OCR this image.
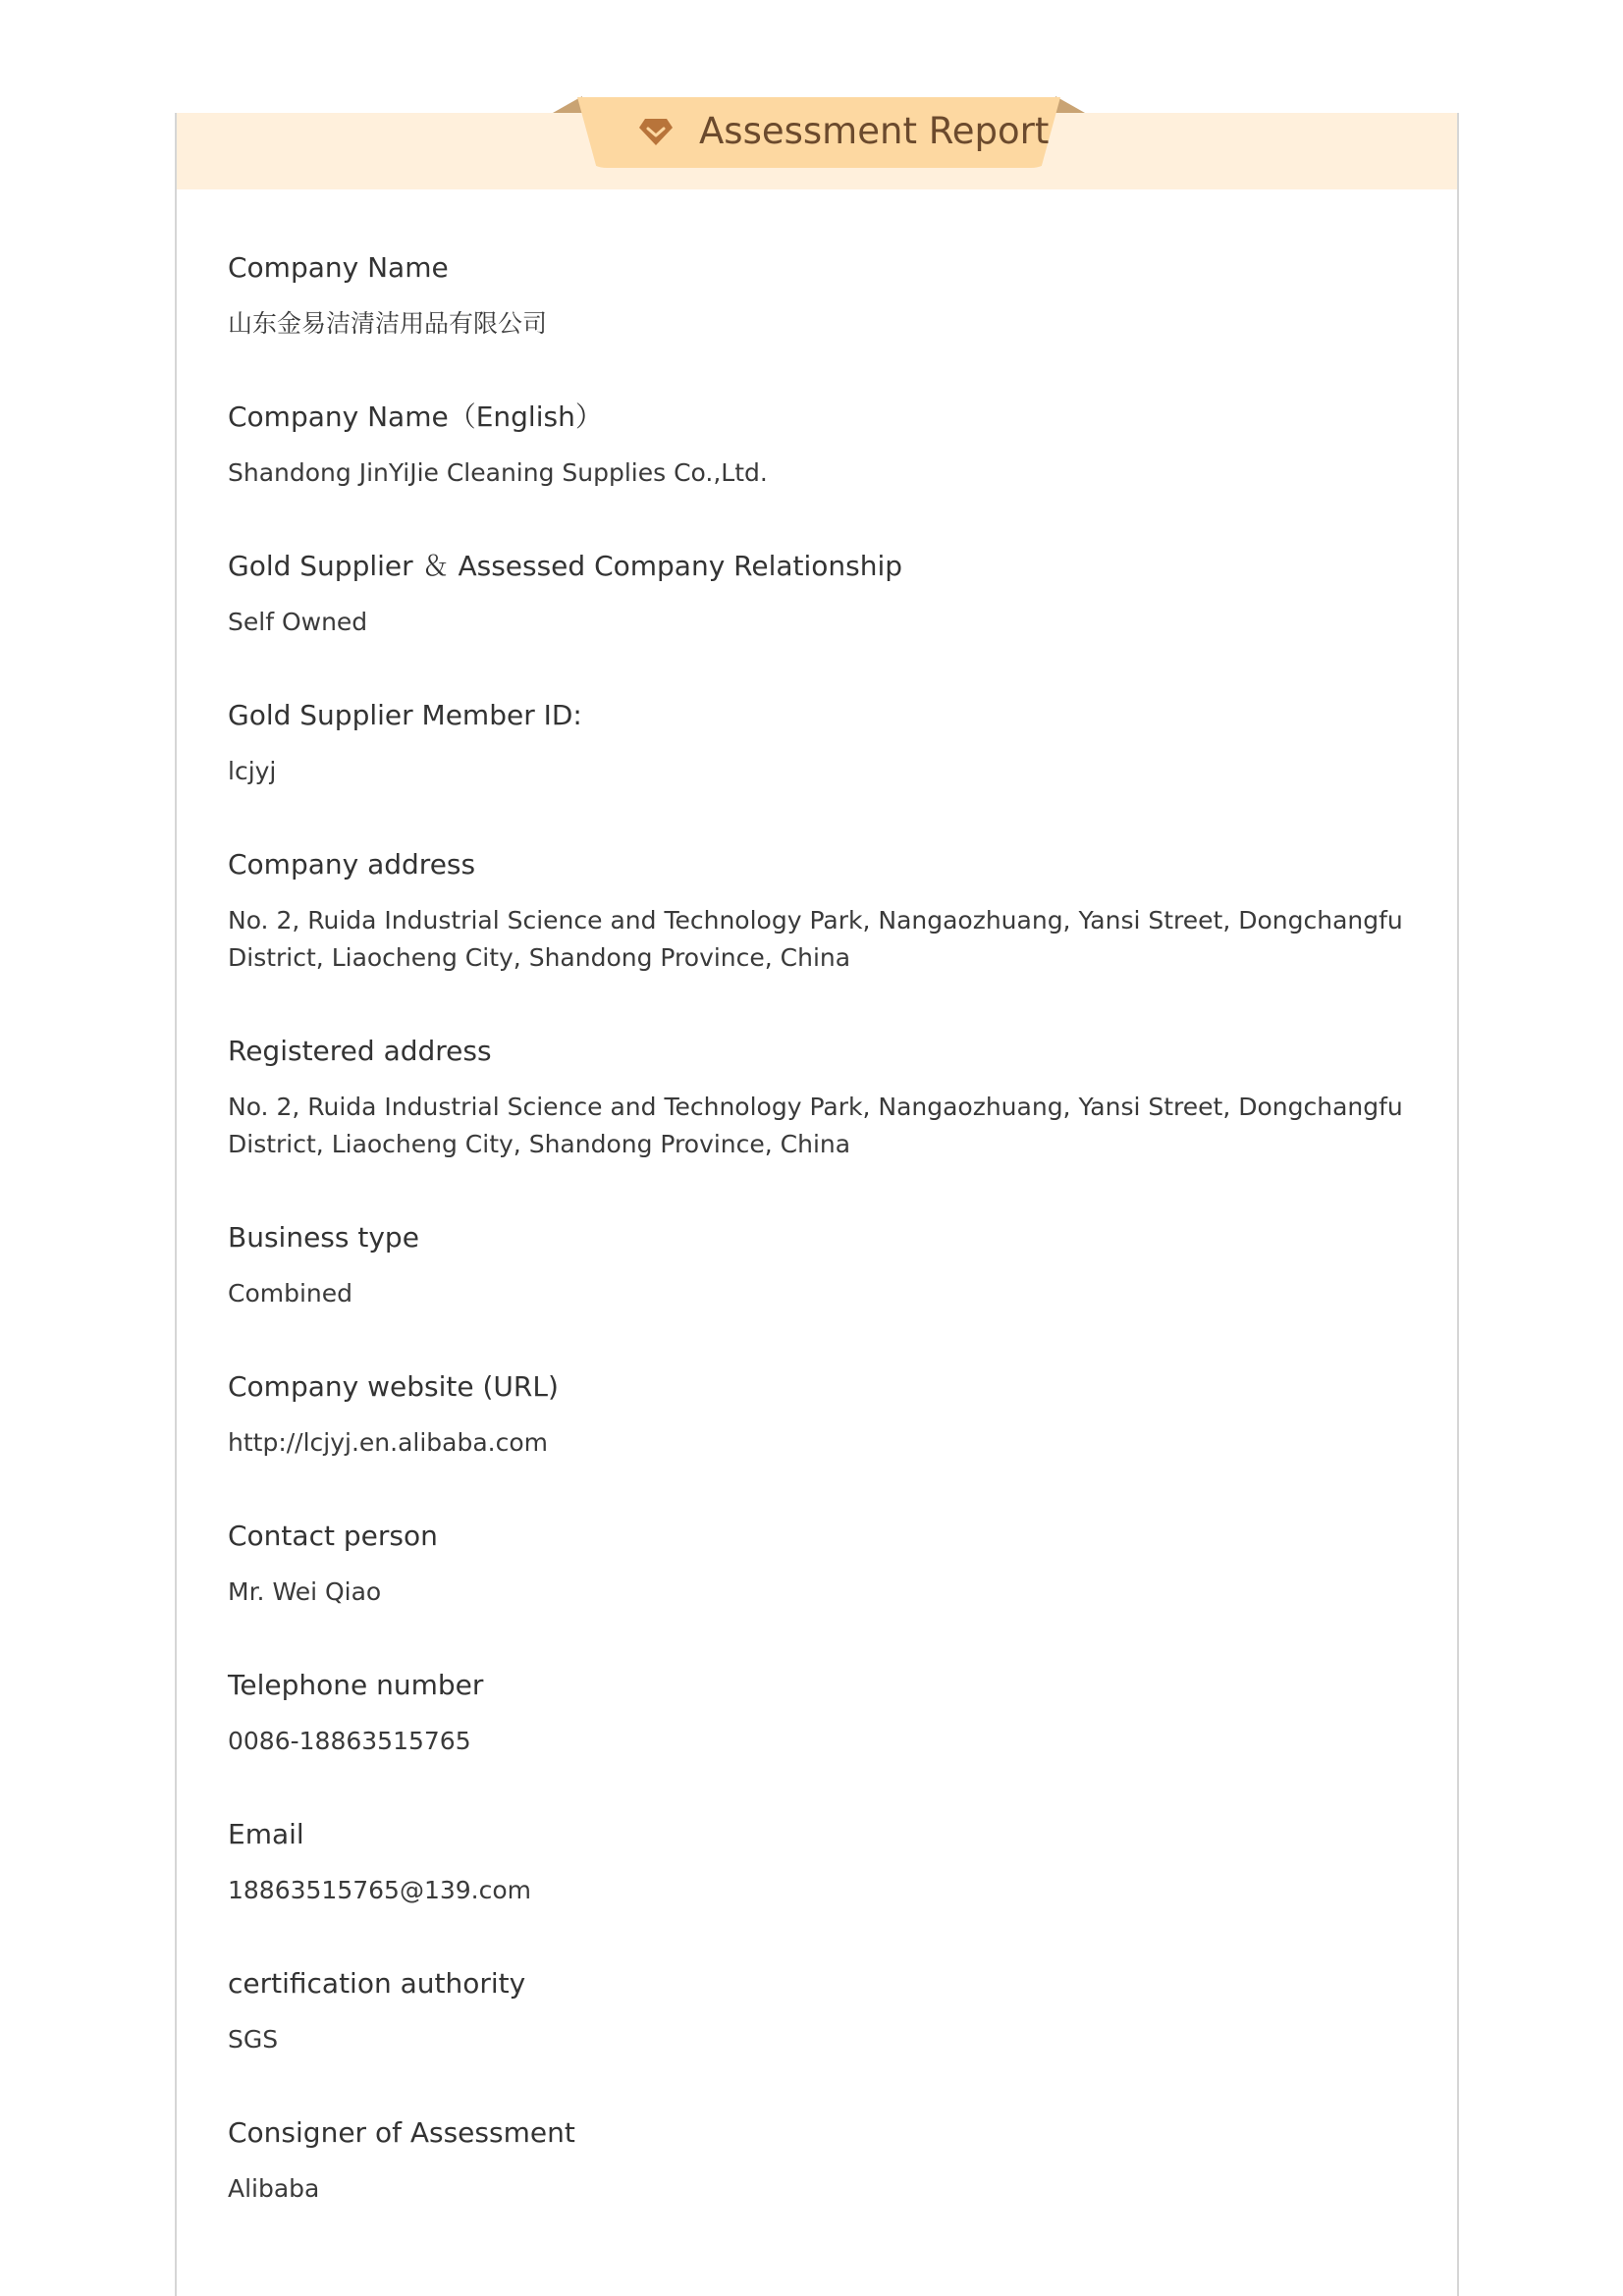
Assessment Report
Company Name
山东金易洁清洁用品有限公司
Company Name（English）
Shandong JinYiJie Cleaning Supplies Co.,Ltd.
Gold Supplier ＆ Assessed Company Relationship
Self Owned
Gold Supplier Member ID:
lcjyj
Company address
No. 2, Ruida Industrial Science and Technology Park, Nangaozhuang, Yansi Street, Dongchangfu District, Liaocheng City, Shandong Province, China
Registered address
No. 2, Ruida Industrial Science and Technology Park, Nangaozhuang, Yansi Street, Dongchangfu District, Liaocheng City, Shandong Province, China
Business type
Combined
Company website (URL)
http://lcjyj.en.alibaba.com
Contact person
Mr. Wei Qiao
Telephone number
0086-18863515765
Email
18863515765@139.com
certification authority
SGS
Consigner of Assessment
Alibaba
